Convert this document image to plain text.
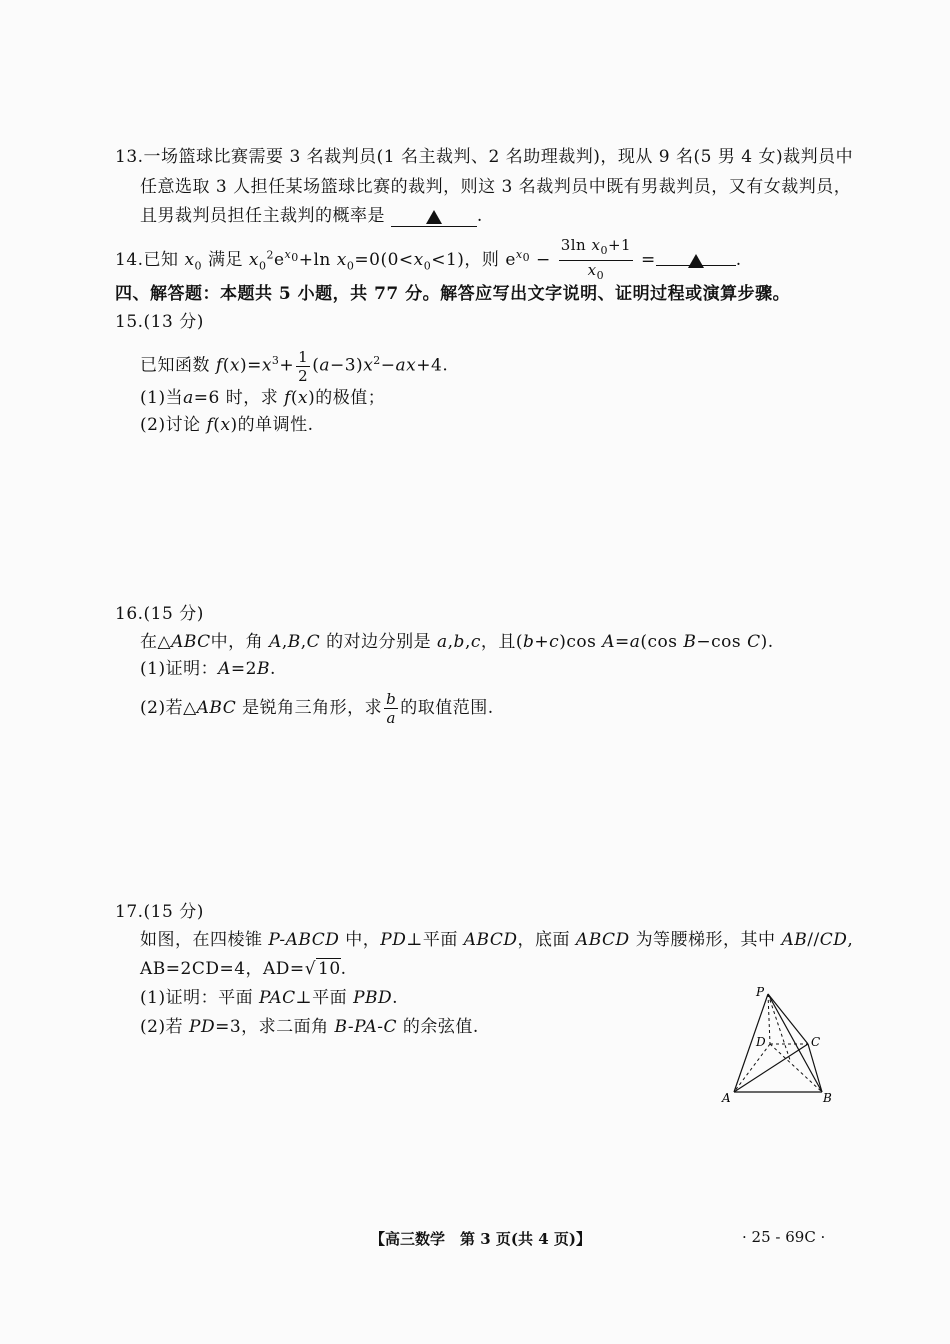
13.一场篮球比赛需要 3 名裁判员(1 名主裁判、2 名助理裁判)，现从 9 名(5 男 4 女)裁判员中
任意选取 3 人担任某场篮球比赛的裁判，则这 3 名裁判员中既有男裁判员，又有女裁判员，
且男裁判员担任主裁判的概率是	.
14.已知 $x_0$ 满足 $x_0^2e^{x_0}+\ln$ $x_0=0(0<x_0<1)$，则 $e^{x_0} - \frac{3\ln x_0+1}{x_0}$ =	.
四、解答题：本题共 5 小题，共 77 分。解答应写出文字说明、证明过程或演算步骤。
15.(13 分)
已知函数 $f(x)=x^3+ \frac{1}{2} (a-3)x^2-ax+4$.
(1)当a=6 时，求 f(x)的极值；
(2)讨论 f(x)的单调性.
16.(15 分)
在△ABC中，角 A,B,C 的对边分别是 a,b,c，且(b+c)cos A=a(cos B−cos C).
(1)证明：A=2B.
(2)若△ABC 是锐角三角形，求 $\frac{b}{a}$ 的取值范围.
17.(15 分)
如图，在四棱锥 P-ABCD 中，PD⊥平面 ABCD，底面 ABCD 为等腰梯形，其中 AB//CD,
AB=2CD=4，AD=√ 10.
(1)证明：平面 PAC⊥平面 PBD.
(2)若 PD=3，求二面角 B-PA-C 的余弦值.
P
D	C
A	B
【高三数学　第 3 页(共 4 页)】	· 25 - 69C ·
